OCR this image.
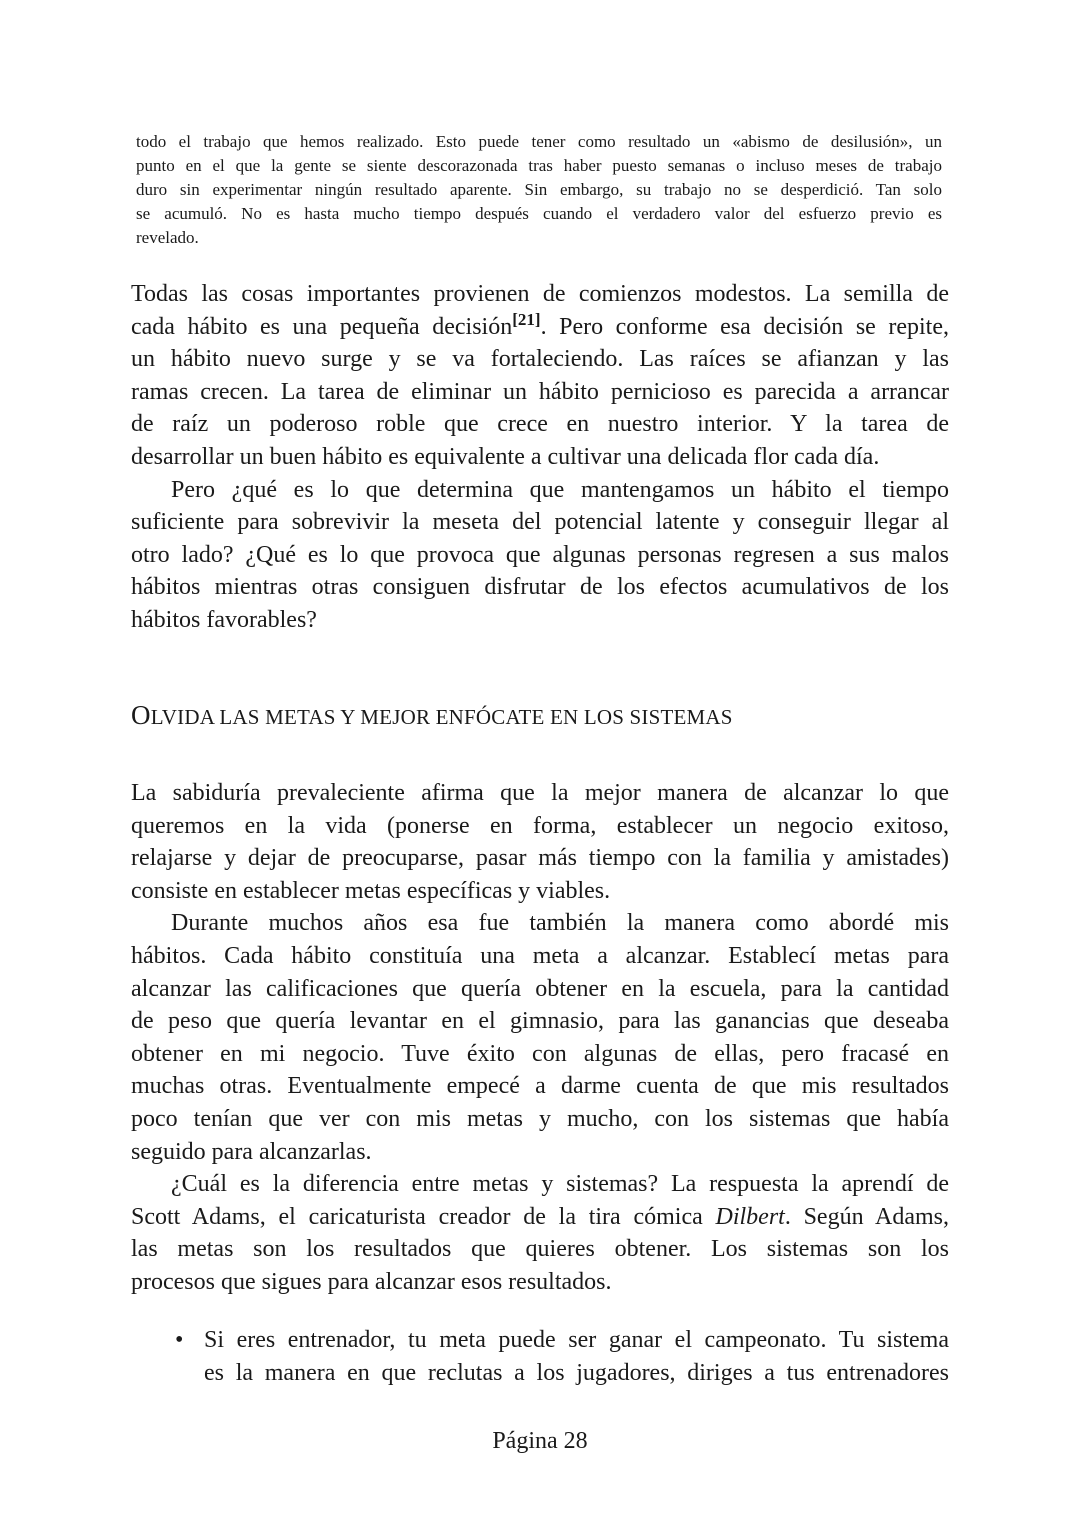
todo el trabajo que hemos realizado. Esto puede tener como resultado un «abismo de desilusión», un
punto en el que la gente se siente descorazonada tras haber puesto semanas o incluso meses de trabajo
duro sin experimentar ningún resultado aparente. Sin embargo, su trabajo no se desperdició. Tan solo
se acumuló. No es hasta mucho tiempo después cuando el verdadero valor del esfuerzo previo es
revelado.
Todas las cosas importantes provienen de comienzos modestos. La semilla de
cada hábito es una pequeña decisión[21]. Pero conforme esa decisión se repite,
un hábito nuevo surge y se va fortaleciendo. Las raíces se afianzan y las
ramas crecen. La tarea de eliminar un hábito pernicioso es parecida a arrancar
de raíz un poderoso roble que crece en nuestro interior. Y la tarea de
desarrollar un buen hábito es equivalente a cultivar una delicada flor cada día.
Pero ¿qué es lo que determina que mantengamos un hábito el tiempo
suficiente para sobrevivir la meseta del potencial latente y conseguir llegar al
otro lado? ¿Qué es lo que provoca que algunas personas regresen a sus malos
hábitos mientras otras consiguen disfrutar de los efectos acumulativos de los
hábitos favorables?
OLVIDA LAS METAS Y MEJOR ENFÓCATE EN LOS SISTEMAS
La sabiduría prevaleciente afirma que la mejor manera de alcanzar lo que
queremos en la vida (ponerse en forma, establecer un negocio exitoso,
relajarse y dejar de preocuparse, pasar más tiempo con la familia y amistades)
consiste en establecer metas específicas y viables.
Durante muchos años esa fue también la manera como abordé mis
hábitos. Cada hábito constituía una meta a alcanzar. Establecí metas para
alcanzar las calificaciones que quería obtener en la escuela, para la cantidad
de peso que quería levantar en el gimnasio, para las ganancias que deseaba
obtener en mi negocio. Tuve éxito con algunas de ellas, pero fracasé en
muchas otras. Eventualmente empecé a darme cuenta de que mis resultados
poco tenían que ver con mis metas y mucho, con los sistemas que había
seguido para alcanzarlas.
¿Cuál es la diferencia entre metas y sistemas? La respuesta la aprendí de
Scott Adams, el caricaturista creador de la tira cómica Dilbert. Según Adams,
las metas son los resultados que quieres obtener. Los sistemas son los
procesos que sigues para alcanzar esos resultados.
• Si eres entrenador, tu meta puede ser ganar el campeonato. Tu sistema
es la manera en que reclutas a los jugadores, diriges a tus entrenadores
Página 28
